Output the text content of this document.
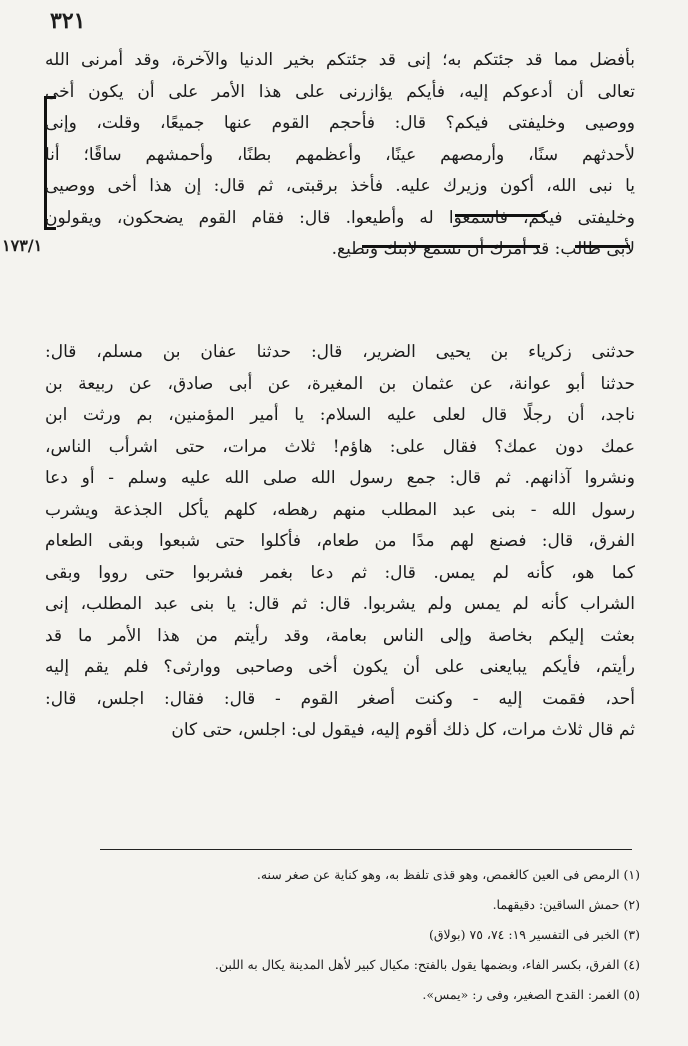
٣٢١
١٧٣/١
بأفضل مما قد جئتكم به؛ إنى قد جئتكم بخير الدنيا والآخرة، وقد أمرنى الله
تعالى أن أدعوكم إليه، فأيكم يؤازرنى على هذا الأمر على أن يكون أخى
ووصيى وخليفتى فيكم؟ قال: فأحجم القوم عنها جميعًا، وقلت، وإنى
لأحدثهم سنًا، وأرمصهم عينًا، وأعظمهم بطنًا، وأحمشهم ساقًا؛ أنا
يا نبى الله، أكون وزيرك عليه. فأخذ برقبتى، ثم قال: إن هذا أخى ووصيى
وخليفتى فيكم، فاسمعوا له وأطيعوا. قال: فقام القوم يضحكون، ويقولون
لأبى طالب: قد أمرك أن تسمع لابنك وتطيع.
حدثنى زكرياء بن يحيى الضرير، قال: حدثنا عفان بن مسلم، قال:
حدثنا أبو عوانة، عن عثمان بن المغيرة، عن أبى صادق، عن ربيعة بن
ناجد، أن رجلًا قال لعلى عليه السلام: يا أمير المؤمنين، بم ورثت ابن
عمك دون عمك؟ فقال على: هاؤم! ثلاث مرات، حتى اشرأب الناس،
ونشروا آذانهم. ثم قال: جمع رسول الله صلى الله عليه وسلم - أو دعا
رسول الله - بنى عبد المطلب منهم رهطه، كلهم يأكل الجذعة ويشرب
الفرق، قال: فصنع لهم مدًا من طعام، فأكلوا حتى شبعوا وبقى الطعام
كما هو، كأنه لم يمس. قال: ثم دعا بغمر فشربوا حتى رووا وبقى
الشراب كأنه لم يمس ولم يشربوا. قال: ثم قال: يا بنى عبد المطلب، إنى
بعثت إليكم بخاصة وإلى الناس بعامة، وقد رأيتم من هذا الأمر ما قد
رأيتم، فأيكم يبايعنى على أن يكون أخى وصاحبى ووارثى؟ فلم يقم إليه
أحد، فقمت إليه - وكنت أصغر القوم - قال: فقال: اجلس، قال:
ثم قال ثلاث مرات، كل ذلك أقوم إليه، فيقول لى: اجلس، حتى كان
(١) الرمص فى العين كالغمص، وهو قذى تلفظ به، وهو كناية عن صغر سنه.
(٢) حمش الساقين: دقيقهما.
(٣) الخبر فى التفسير ١٩: ٧٤، ٧٥ (بولاق)
(٤) الفرق، بكسر الفاء، وبضمها يقول بالفتح: مكيال كبير لأهل المدينة يكال به اللبن.
(٥) الغمر: القدح الصغير، وفى ر: «يمس».
